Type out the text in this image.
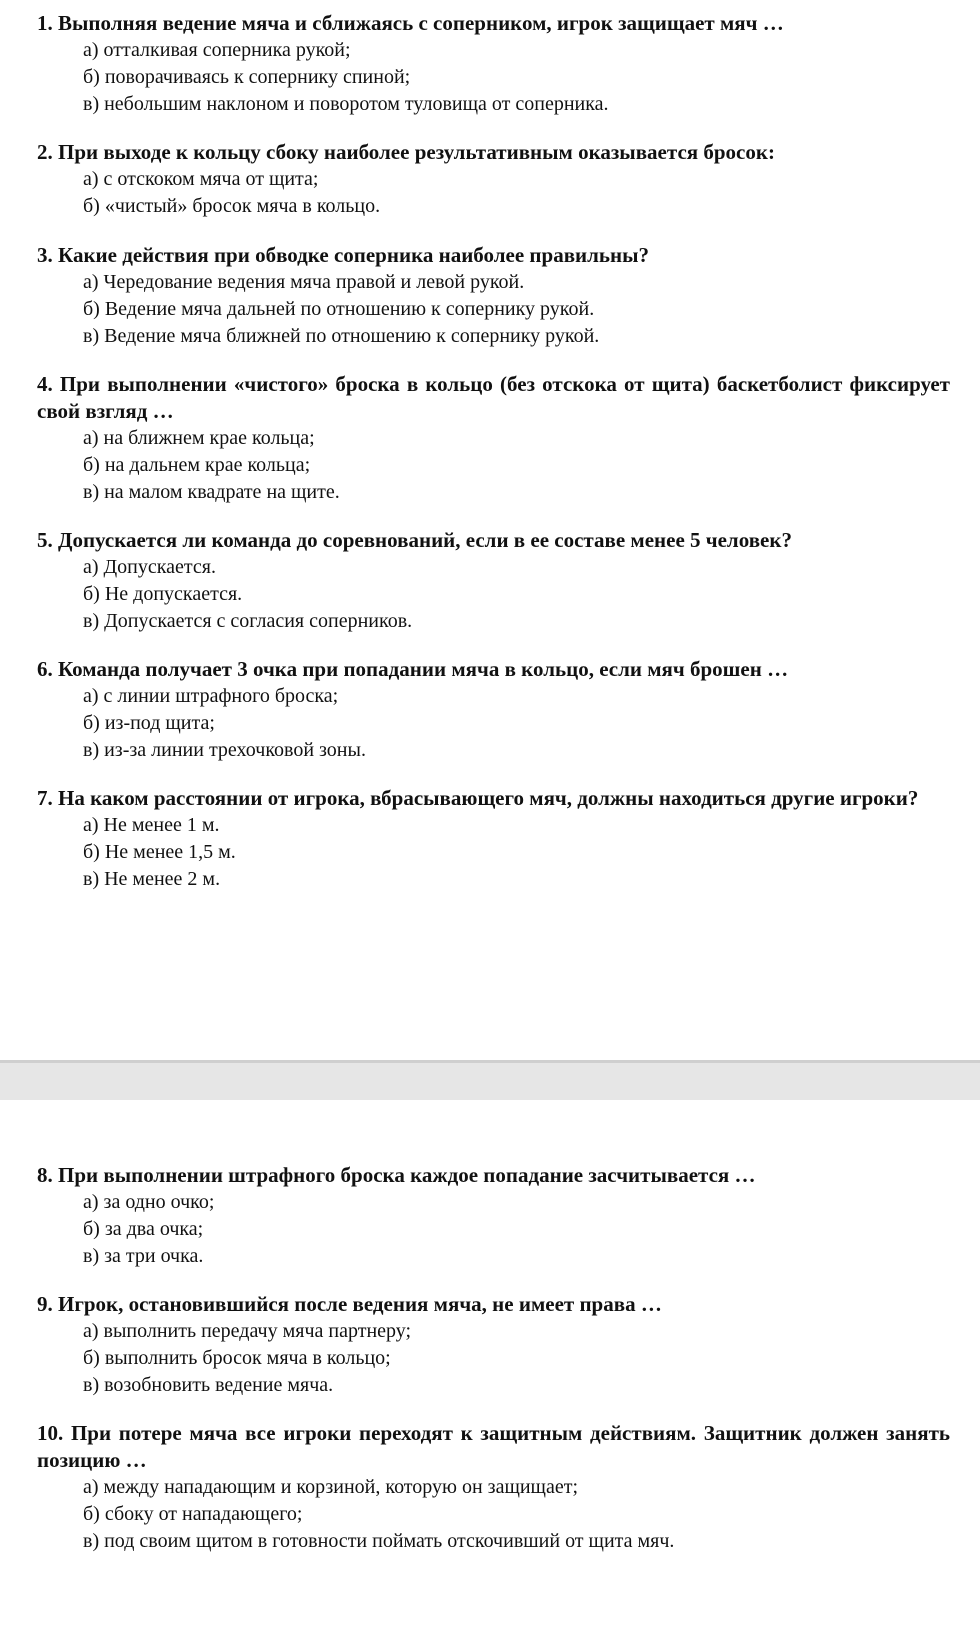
1. Выполняя ведение мяча и сближаясь с соперником, игрок защищает мяч …
а) отталкивая соперника рукой;
б) поворачиваясь к сопернику спиной;
в) небольшим наклоном и поворотом туловища от соперника.
2. При выходе к кольцу сбоку наиболее результативным оказывается бросок:
а) с отскоком мяча от щита;
б) «чистый» бросок мяча в кольцо.
3. Какие действия при обводке соперника наиболее правильны?
а) Чередование ведения мяча правой и левой рукой.
б) Ведение мяча дальней по отношению к сопернику рукой.
в) Ведение мяча ближней по отношению к сопернику рукой.
4. При выполнении «чистого» броска в кольцо (без отскока от щита) баскетболист фиксирует свой взгляд …
а) на ближнем крае кольца;
б) на дальнем крае кольца;
в) на малом квадрате на щите.
5. Допускается ли команда до соревнований, если в ее составе менее 5 человек?
а) Допускается.
б) Не допускается.
в) Допускается с согласия соперников.
6. Команда получает 3 очка при попадании мяча в кольцо, если мяч брошен …
а) с линии штрафного броска;
б) из-под щита;
в) из-за линии трехочковой зоны.
7. На каком расстоянии от игрока, вбрасывающего мяч, должны находиться другие игроки?
а) Не менее 1 м.
б) Не менее 1,5 м.
в) Не менее 2 м.
8. При выполнении штрафного броска каждое попадание засчитывается …
а) за одно очко;
б) за два очка;
в) за три очка.
9. Игрок, остановившийся после ведения мяча, не имеет права …
а) выполнить передачу мяча партнеру;
б) выполнить бросок мяча в кольцо;
в) возобновить ведение мяча.
10. При потере мяча все игроки переходят к защитным действиям. Защитник должен занять позицию …
а) между нападающим и корзиной, которую он защищает;
б) сбоку от нападающего;
в) под своим щитом в готовности поймать отскочивший от щита мяч.
